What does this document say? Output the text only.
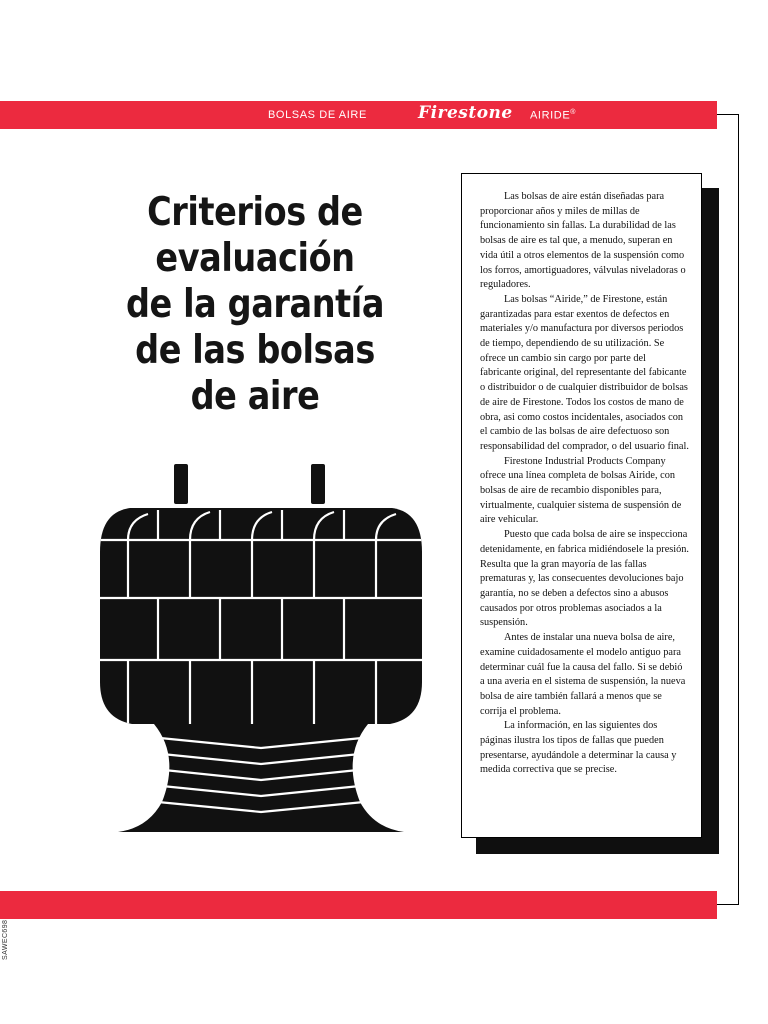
BOLSAS DE AIRE	Firestone AIRIDE®
Criterios de
evaluación
de la garantía
de las bolsas
de aire

Las bolsas de aire están diseñadas para proporcionar años y miles de millas de funcionamiento sin fallas. La durabilidad de las bolsas de aire es tal que, a menudo, superan en vida útil a otros elementos de la suspensión como los forros, amortiguadores, válvulas niveladoras o reguladores.

Las bolsas “Airide,” de Firestone, están garantizadas para estar exentos de defectos en materiales y/o manufactura por diversos periodos de tiempo, dependiendo de su utilización. Se ofrece un cambio sin cargo por parte del fabricante original, del representante del fabicante o distribuidor o de cualquier distribuidor de bolsas de aire de Firestone. Todos los costos de mano de obra, asi como costos incidentales, asociados con el cambio de las bolsas de aire defectuoso son responsabilidad del comprador, o del usuario final.

Firestone Industrial Products Company ofrece una línea completa de bolsas Airide, con bolsas de aire de recambio disponibles para, virtualmente, cualquier sistema de suspensión de aire vehicular.

Puesto que cada bolsa de aire se inspecciona detenidamente, en fabrica midiéndosele la presión. Resulta que la gran mayoría de las fallas prematuras y, las consecuentes devoluciones bajo garantía, no se deben a defectos sino a abusos causados por otros problemas asociados a la suspensión.

Antes de instalar una nueva bolsa de aire, examine cuidadosamente el modelo antiguo para determinar cuál fue la causa del fallo. Si se debió a una averia en el sistema de suspensión, la nueva bolsa de aire también fallará a menos que se corrija el problema.

La información, en las siguientes dos páginas ilustra los tipos de fallas que pueden presentarse, ayudándole a determinar la causa y medida correctiva que se precise.

SAWEC698
